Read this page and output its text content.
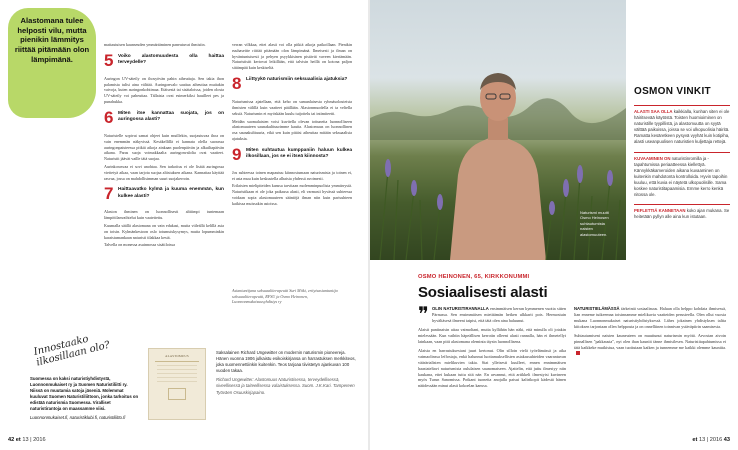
Alastomana tulee helposti vilu, mutta pienikin lämmitys riittää pitämään olon lämpimänä.

mattautuisen kaunseuden ymmärtäminen paneutuvat ihmisiin.

5 Voiko alastomuudesta olla haittaa terveydelle?

Auringon UV-säteily on ihosyövän pahin aiheuttaja. Sen takia ihon palamista tulisi aina välttää. Auringonvalo saattaa aiheuttaa muitakin vaivoja, kuten auringonkohtimaa. Etäisestä tai sisätaloissa, joiden olosta UV-säteily voi paheuttaa. Tällaisia ovat esimerkiksi hauilleet pes ja punahukka.

6 Miten itse kannattaa suojata, jos on auringossa alasti?

Naturistelle sopivat samat ohjeet kuin muillekin, suojautuvaa ihoa on vain enemmän näkyvissä. Kesäkellillä ei kannata olella suorassa auringonpaisteessa pitkiä aikoja ainkaan puolenpäivän ja alkuiltapäivän aikana. Paras suoja voimakkaalta auringonvalolta ovat vaatteet. Naturistit jäävät vaille tätä suojaa.

Aurinkorasvaa ei sovi unohtaa. Sen tarkoitus ei ole lisätä auringossa viettetyä aikaa, vaan tarjota suojaa altistuksen aikana. Kannattaa käyttää rasvaa, jossa on mahdollisimman suuri suojakerroin.

7 Haittaavatko kylmä ja kuuma enemmän, kun kulkee alasti?

Alaston ihminen on luonnollisesti alttiimpi tuntemaan lämpötilanvaihtelut kuin vaatettettu.

Kuumalla säällä alastomana on vain edukasi, mutta viileällä kelillä asia on toisin. Kylmänkestoon oslo totumuiskysymys, mutta lopumminkin karaistumankaan naturisti tilakkaa kestä.

Talvella on monessa asuinnossa sisätiloissa

verran vilkkaa, ettei alasti voi olla pitkiä aikoja paikoillaan. Pienikin ruuhaseitte riittää pitämään olon lämpimänä. Ilmeisesti ja ilman on hyväntuntuisesti ja pehyen psyykkisinen pistävät vaveen kiertämään. Naturistisitt kertovat leikillään, että talvisin heillä on kotona paljon sitäimpää kuin keskiseltä.

8 Liittyykö naturismiin seksuaalisia ajatuksia?

Naturismissa ajatellaan, että keho on samanlaisesta ryhmäsolouteista ihmisten välillä kuin vaatteet päällään. Alastonmuodella ei ta veltella seksiä. Naturismin ei myöskään kuulu tuijottelu tai intimiteetti.

Meidän suomalaisten voisi kuvitella olevan tottuneita luonnolliseen alastomuuteen saunakulttuurimme kautta. Alastomuus on luonnollinen osa saunakulttuuria, eikä sen kuin pitäisi aiheuttaa mitään seksuaalisia ajatuksia.

9 Miten suhtautua kumppaniin haluun kulkea ilkosillaan, jos se ei itseä kiinnosta?

Jos suhteessa toinen mapautuu kiinnostumaan naturismista ja toinen ei, et asta muu kuin keskustella alhaisia yhdessä avoimesti.

Erilaisten mielipiteiden kanssa tarvitaan molemminpuolista ymmärrystä. Naturistikaan ei ole joka paikassa alasti, eli varmasti hyvässä suhteessa voidaan sopia alastomuuteen sääntöjä ilman niin kuin parisuhteen kaikissa muissakin asioissa.

Asiantuntijana seksuaaliterapeutti Suri Miiki, erityisasiantuntija seksuaaliterapeutti, RFSU ja Osmo Heinonen, Luonnonmukaisuusyhdistys ry
Innostaako ilkosillaan olo?
Suomessa on kaksi naturistiyhdistystä, Luonnonmukaiset ry ja Suomen Naturistiliitti ry. Niissä on muutamia satoja jäseniä. Molemmat kuuluvat Suomen Naturistiliittoon, jonka tarkoitus on edistää naturismia Suomessa. Viralliset naturistirantoja on maassamme viisi.
Luonnonmukaiset.fi, naturistiklubi.fi, naturistiliitto.fi
ALASTOMUUS

Saksalainen Richard Ungewitter on modernin naturismin pioneereja. Hänen vuonna 1906 julkaistu esikoiskirjansa on harrastuksen merkkiteos, joka suomennettiinkin kuitenkin. Teos tarjoaa tiivistetyn ajankuvan 100 vuoden takaa.

Richard Ungewitter: Alastomuus Naturistisessa, terveydellisessä, siveellisessä ja taiteellisessa valaistuksessa. Suom. J.K.Kari. Tampereen Työväen Osuuskirjapaino.

42 et 13 | 2016
Naturismi muutti Osmo Heinosen suhtautumista naisten alastomuuteen.
OSMON VINKIT

ALASTI SAA OLLA kaikkialla, kunhan siten ei ole häiritsevää käytöstä. Toisten huomioiminen on naturistille tyypillistä, ja alastomuutta on syytä välttää paikoissa, joissa se voi ulkopuolisia häiritä. Ramatta kesäretkeen pysyvä vyyhät kuin kotipiha, alasti useanpuolisen naturistien kuljettaja rettejä.

KUVAAMINEN ON naturistinromilla ja -tapahtumissa periaatteessa kiellettyä. Kännykkäkameroiden aikana kuvaaminen on kuitenkin mahdotonta kontrolloida. Hyvin tapoihin kuuluu, että kuvia ei näytetä ulkopuolisille. Sama koskee naturistitapaamisia. Emme kerro kenkä nitossa ole.

PEFLETTIÄ KANNETAAN koko ajan mukana. Se heitetään pyllyn alle aina kun istutaan.

OSMO HEINONEN, 65, KIRKKONUMMI
Sosiaalisesti alasti
❞ OLIN NATURISTIRANNALLA ensimmäisen kerran kymmenen vuotta sitten Pärnussa. Sen ensimmäisen mietitämän hetken ulkkarit pois. Hermostuin hyvältäsesä ilmeeni taipisi, että tätä olen aina haluunut.

Alaisit paniinaisin aitaa vaimoltani, mutta kyllähän hän näki, että minulla oli jotakin mielessään. Kun vaihtin häpeällisen kerrotin olleeni alasti rannalla, hän ei ihmetellyt lainkaan, vaan piiti alastomana oleminta täysin luonnollisena.

Alaista en harrastuksestani juuri kertonut. Olin silloin vielä työelämässä ja aika vaimaolinssa leffostaja, enkä halunnut luottamuksellisten asiakassuhteiden vaarantuvan väärärialisten mielikuvien takia. Siat ylleisesti kuulleet, ennen ennimmäisen haastateltavi naturismista oululaisen saunomaiseen. Ajattelin, että juttu ilmestyy niin kaukana, ettei kukaan tuttu sitä näe. En arvannut, että artikkeli ilmestyisi kuvineen myös Turun Sanomissa. Potkant tuoneita anojalla paisui kaltrikopit kädestä hänen näiidessään minut alasti kokoelan kanssa.

NATURISTIELÄMÄSSÄ tärkeintä sosiaalisuus. Haluan olla helppo kohdata ihmisessä, lian enneme tuikeemna toisinnamme mielikuvia vaatteiden perusteella. Olen ollut vuosia mukana Luonnonmukaiset naturistiyhdistyksessä. Lähes jokainen yhdistyksen taltta kiitoksen tarjontaan ollen helppouta ja on onnelliinen toinnivan ystäväpiirin saamisesta.

Suhtautumiseni naisten kauneuteen on muuttunut naturismin myötä. Arvostan aivoin pinnallisen "pakkausta", nyt olen ihan kauniit tänne ihmisilesen. Naturistitapahtumissa ei tätä kaikkeke mutkistua, vaan tuoitutaan kaiken ja tunnemme me kaikki olemme kauniita.

et 13 | 2016 43
